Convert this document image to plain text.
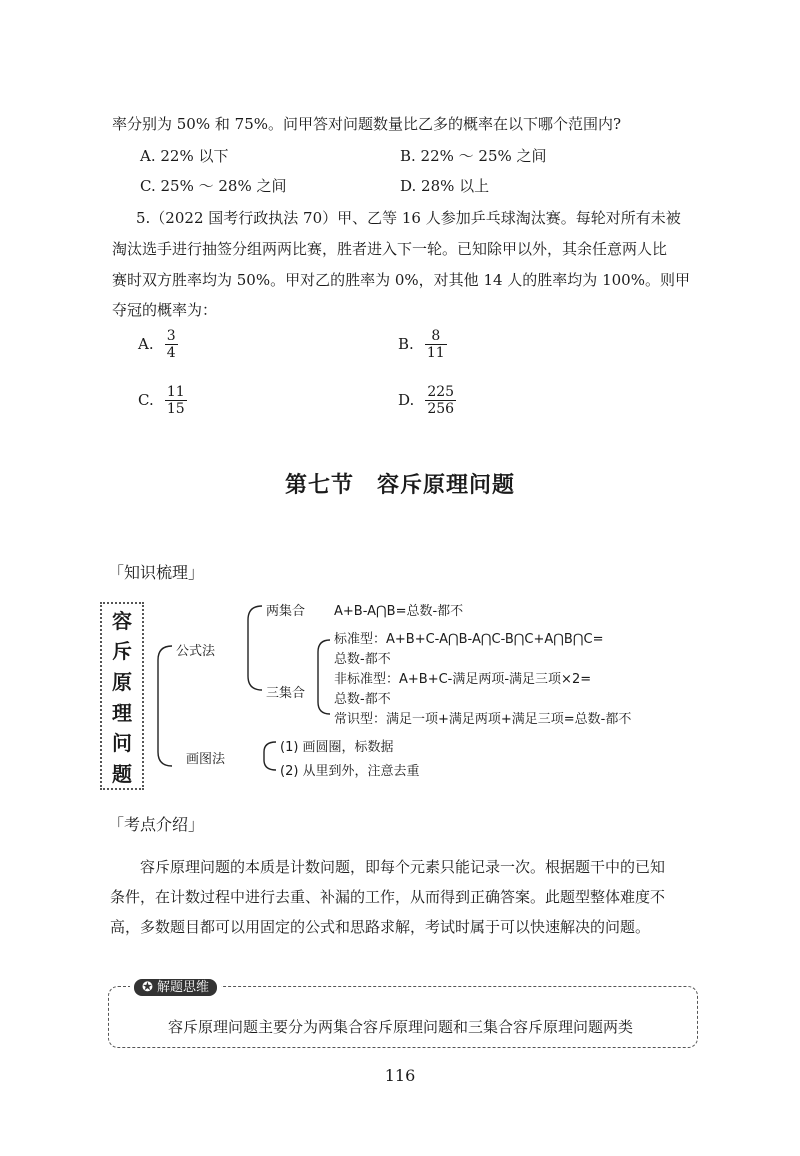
率分别为 50% 和 75%。问甲答对问题数量比乙多的概率在以下哪个范围内?
A. 22% 以下	B. 22% ～ 25% 之间
C. 25% ～ 28% 之间	D. 28% 以上
5.（2022 国考行政执法 70）甲、乙等 16 人参加乒乓球淘汰赛。每轮对所有未被
淘汰选手进行抽签分组两两比赛，胜者进入下一轮。已知除甲以外，其余任意两人比
赛时双方胜率均为 50%。甲对乙的胜率为 0%，对其他 14 人的胜率均为 100%。则甲
夺冠的概率为：
A. $\frac{3}{4}$	B. $\frac{8}{11}$
C. $\frac{11}{15}$	D. $\frac{225}{256}$
第七节　容斥原理问题
「知识梳理」
容
斥
原
理
问
题
公式法
两集合 A+B-A⋂B=总数-都不
标准型：A+B+C-A⋂B-A⋂C-B⋂C+A⋂B⋂C=
总数-都不
三集合
非标准型：A+B+C-满足两项-满足三项×2=
总数-都不
常识型：满足一项+满足两项+满足三项=总数-都不
画图法
(1) 画圆圈，标数据
(2) 从里到外，注意去重
「考点介绍」
容斥原理问题的本质是计数问题，即每个元素只能记录一次。根据题干中的已知
条件，在计数过程中进行去重、补漏的工作，从而得到正确答案。此题型整体难度不
高，多数题目都可以用固定的公式和思路求解，考试时属于可以快速解决的问题。
✪ 解题思维
容斥原理问题主要分为两集合容斥原理问题和三集合容斥原理问题两类
116
